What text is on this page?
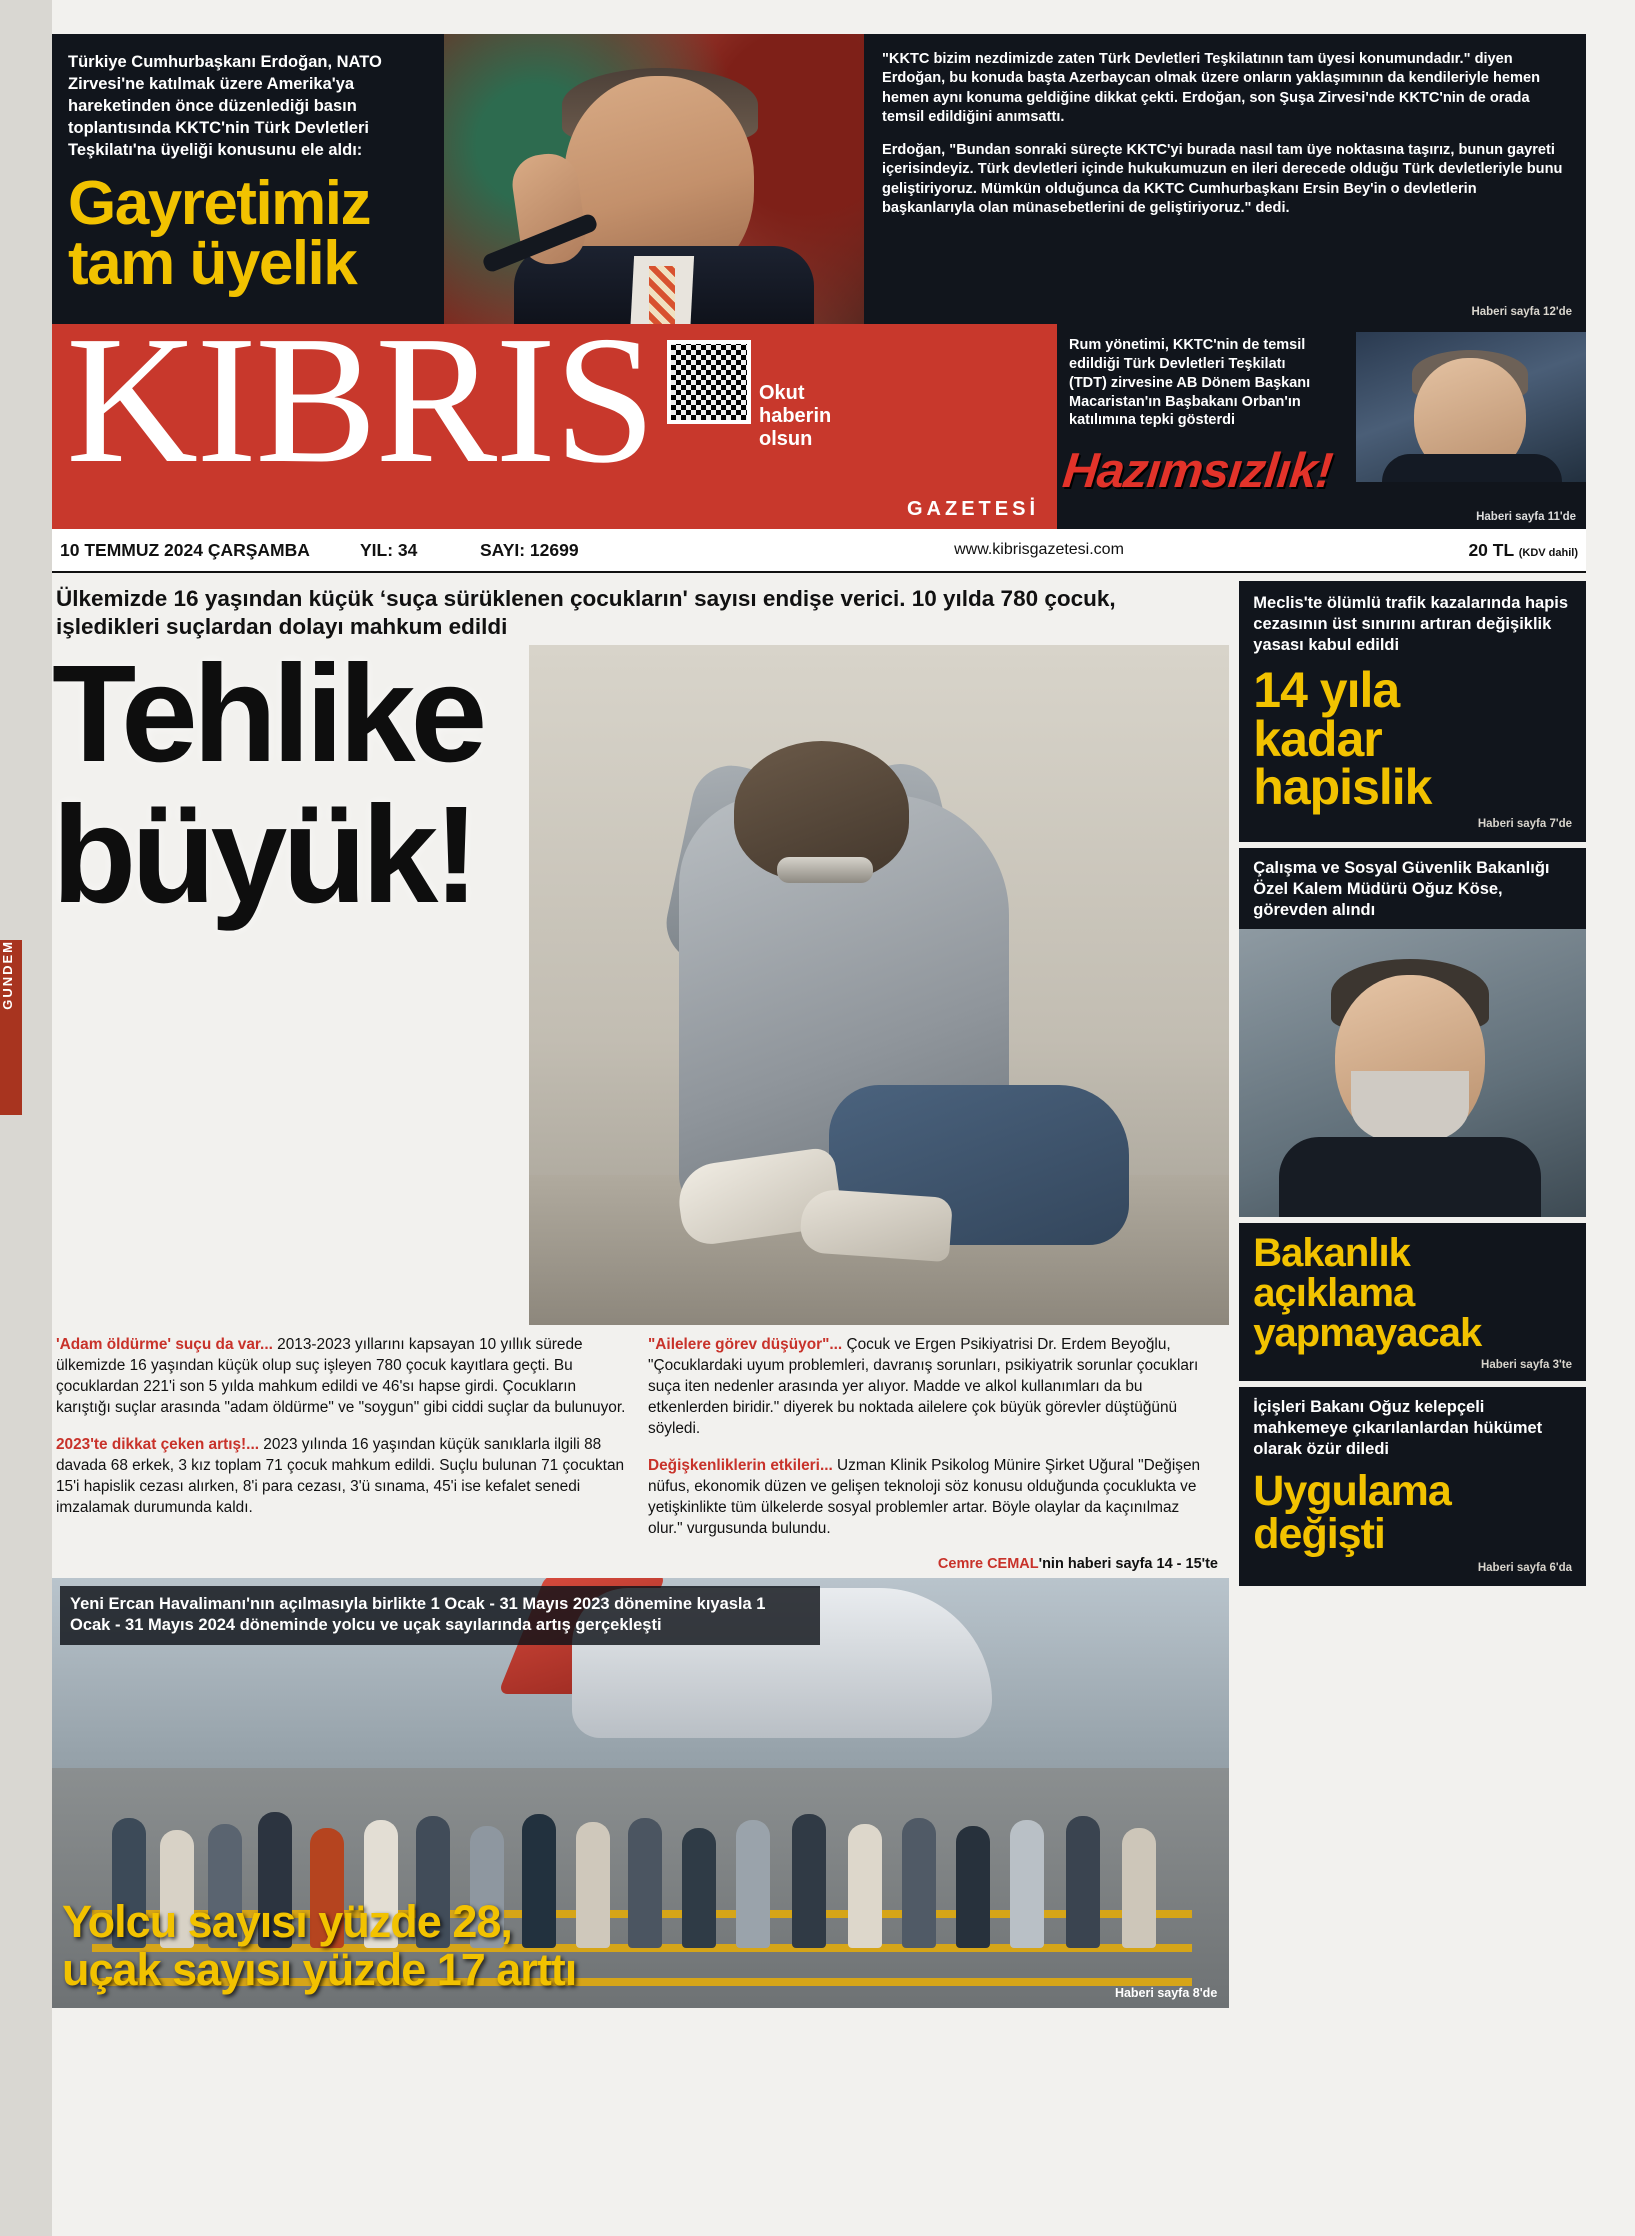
GUNDEM
Türkiye Cumhurbaşkanı Erdoğan, NATO Zirvesi'ne katılmak üzere Amerika'ya hareketinden önce düzenlediği basın toplantısında KKTC'nin Türk Devletleri Teşkilatı'na üyeliği konusunu ele aldı:
Gayretimiz
tam üyelik

"KKTC bizim nezdimizde zaten Türk Devletleri Teşkilatının tam üyesi konumundadır." diyen Erdoğan, bu konuda başta Azerbaycan olmak üzere onların yaklaşımının da kendileriyle hemen hemen aynı konuma geldiğine dikkat çekti. Erdoğan, son Şuşa Zirvesi'nde KKTC'nin de orada temsil edildiğini anımsattı.

Erdoğan, "Bundan sonraki süreçte KKTC'yi burada nasıl tam üye noktasına taşırız, bunun gayreti içerisindeyiz. Türk devletleri içinde hukukumuzun en ileri derecede olduğu Türk devletleriyle bunu geliştiriyoruz. Mümkün olduğunca da KKTC Cumhurbaşkanı Ersin Bey'in o devletlerin başkanlarıyla olan münasebetlerini de geliştiriyoruz." dedi.

Haberi sayfa 12'de
KIBRIS	Okut
haberin
olsun
GAZETESİ
Rum yönetimi, KKTC'nin de temsil edildiği Türk Devletleri Teşkilatı (TDT) zirvesine AB Dönem Başkanı Macaristan'ın Başbakanı Orban'ın katılımına tepki gösterdi
Hazımsızlık!
Haberi sayfa 11'de
10 TEMMUZ 2024 ÇARŞAMBA	YIL: 34	SAYI: 12699	www.kibrisgazetesi.com	20 TL (KDV dahil)
Ülkemizde 16 yaşından küçük ‘suça sürüklenen çocukların' sayısı endişe verici. 10 yılda 780 çocuk, işledikleri suçlardan dolayı mahkum edildi
Tehlike
büyük!

'Adam öldürme' suçu da var... 2013-2023 yıllarını kapsayan 10 yıllık sürede ülkemizde 16 yaşından küçük olup suç işleyen 780 çocuk kayıtlara geçti. Bu çocuklardan 221'i son 5 yılda mahkum edildi ve 46'sı hapse girdi. Çocukların karıştığı suçlar arasında "adam öldürme" ve "soygun" gibi ciddi suçlar da bulunuyor.

2023'te dikkat çeken artış!... 2023 yılında 16 yaşından küçük sanıklarla ilgili 88 davada 68 erkek, 3 kız toplam 71 çocuk mahkum edildi. Suçlu bulunan 71 çocuktan 15'i hapislik cezası alırken, 8'i para cezası, 3'ü sınama, 45'i ise kefalet senedi imzalamak durumunda kaldı.

"Ailelere görev düşüyor"... Çocuk ve Ergen Psikiyatrisi Dr. Erdem Beyoğlu, "Çocuklardaki uyum problemleri, davranış sorunları, psikiyatrik sorunlar çocukları suça iten nedenler arasında yer alıyor. Madde ve alkol kullanımları da bu etkenlerden biridir." diyerek bu noktada ailelere çok büyük görevler düştüğünü söyledi.

Değişkenliklerin etkileri... Uzman Klinik Psikolog Münire Şirket Uğural "Değişen nüfus, ekonomik düzen ve gelişen teknoloji söz konusu olduğunda çocuklukta ve yetişkinlikte tüm ülkelerde sosyal problemler artar. Böyle olaylar da kaçınılmaz olur." vurgusunda bulundu.

Cemre CEMAL'nin haberi sayfa 14 - 15'te
Yeni Ercan Havalimanı'nın açılmasıyla birlikte 1 Ocak - 31 Mayıs 2023 dönemine kıyasla 1 Ocak - 31 Mayıs 2024 döneminde yolcu ve uçak sayılarında artış gerçekleşti
Yolcu sayısı yüzde 28,
uçak sayısı yüzde 17 arttı	Haberi sayfa 8'de
Meclis'te ölümlü trafik kazalarında hapis cezasının üst sınırını artıran değişiklik yasası kabul edildi
14 yıla
kadar
hapislik
Haberi sayfa 7'de
Çalışma ve Sosyal Güvenlik Bakanlığı Özel Kalem Müdürü Oğuz Köse, görevden alındı
Bakanlık
açıklama
yapmayacak
Haberi sayfa 3'te
İçişleri Bakanı Oğuz kelepçeli mahkemeye çıkarılanlardan hükümet olarak özür diledi
Uygulama
değişti
Haberi sayfa 6'da
